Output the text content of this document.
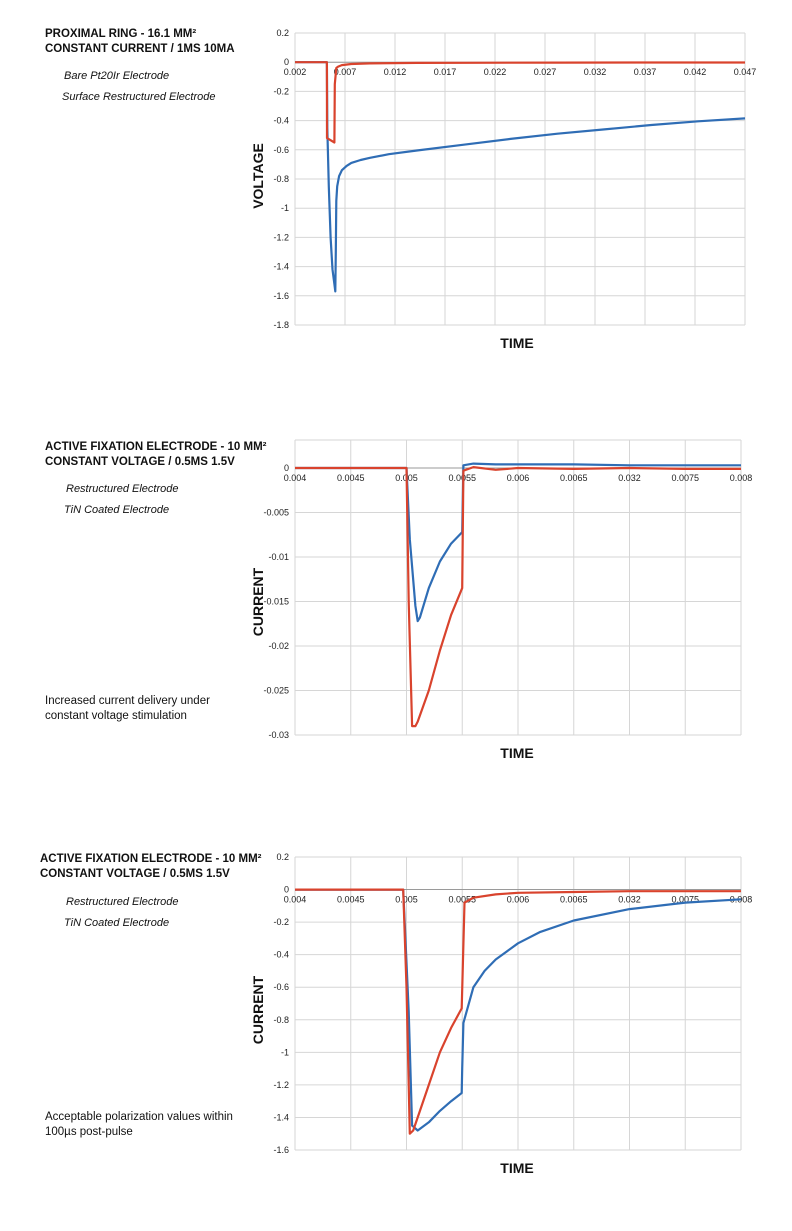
PROXIMAL RING - 16.1 MM²
CONSTANT CURRENT / 1MS 10MA
Bare Pt20Ir Electrode
Surface Restructured Electrode
0.2
0
-0.2
-0.4
-0.6
-0.8
-1
-1.2
-1.4
-1.6
-1.8
0.002	0.007	0.012	0.017	0.022	0.027	0.032	0.037	0.042	0.047
VOLTAGE
TIME
ACTIVE FIXATION ELECTRODE - 10 MM²
CONSTANT VOLTAGE / 0.5MS 1.5V
Restructured Electrode
TiN Coated Electrode
Increased current delivery under constant voltage stimulation
0
-0.005
-0.01
-0.015
-0.02
-0.025
-0.03
0.004	0.0045	0.005	0.0055	0.006	0.0065	0.032	0.0075	0.008
CURRENT
TIME
ACTIVE FIXATION ELECTRODE - 10 MM²
CONSTANT VOLTAGE / 0.5MS 1.5V
Restructured Electrode
TiN Coated Electrode
Acceptable polarization values within 100µs post-pulse
0.2
0
-0.2
-0.4
-0.6
-0.8
-1
-1.2
-1.4
-1.6
0.004	0.0045	0.005	0.0055	0.006	0.0065	0.032	0.0075	0.008
CURRENT
TIME
